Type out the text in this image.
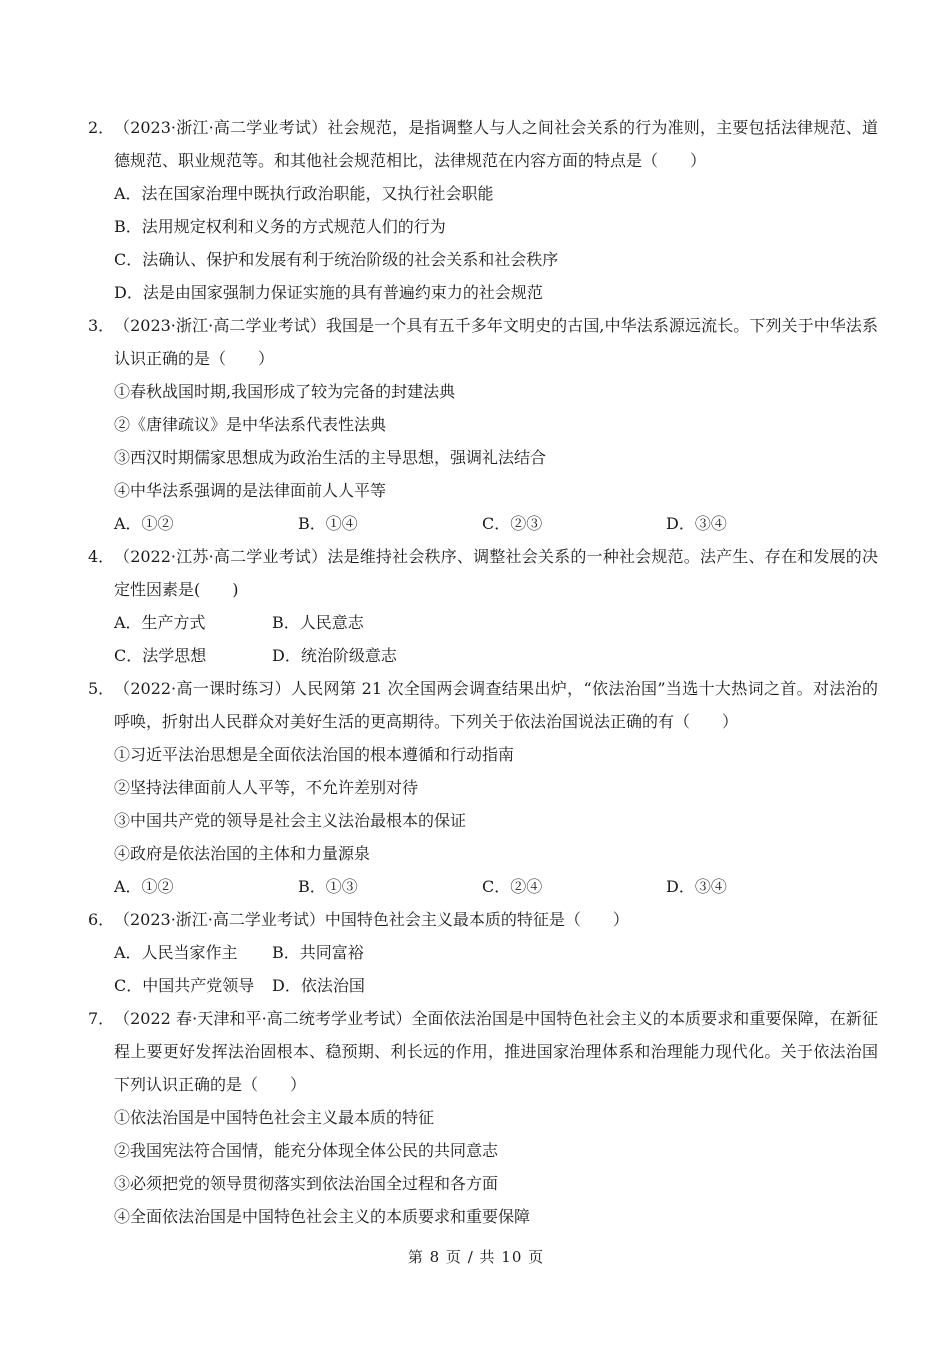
2． （2023·浙江·高二学业考试）社会规范，是指调整人与人之间社会关系的行为准则，主要包括法律规范、道德规范、职业规范等。和其他社会规范相比，法律规范在内容方面的特点是（　　）
A．法在国家治理中既执行政治职能，又执行社会职能
B．法用规定权利和义务的方式规范人们的行为
C．法确认、保护和发展有利于统治阶级的社会关系和社会秩序
D．法是由国家强制力保证实施的具有普遍约束力的社会规范
3． （2023·浙江·高二学业考试）我国是一个具有五千多年文明史的古国,中华法系源远流长。下列关于中华法系认识正确的是（　　）
①春秋战国时期,我国形成了较为完备的封建法典
②《唐律疏议》是中华法系代表性法典
③西汉时期儒家思想成为政治生活的主导思想，强调礼法结合
④中华法系强调的是法律面前人人平等
A．①②	B．①④	C．②③	D．③④
4． （2022·江苏·高二学业考试）法是维持社会秩序、调整社会关系的一种社会规范。法产生、存在和发展的决定性因素是(　　)
A．生产方式	B．人民意志
C．法学思想	D．统治阶级意志
5． （2022·高一课时练习）人民网第 21 次全国两会调查结果出炉，“依法治国”当选十大热词之首。对法治的呼唤，折射出人民群众对美好生活的更高期待。下列关于依法治国说法正确的有（　　）
①习近平法治思想是全面依法治国的根本遵循和行动指南
②坚持法律面前人人平等，不允许差别对待
③中国共产党的领导是社会主义法治最根本的保证
④政府是依法治国的主体和力量源泉
A．①②	B．①③	C．②④	D．③④
6． （2023·浙江·高二学业考试）中国特色社会主义最本质的特征是（　　）
A．人民当家作主 B．共同富裕
C．中国共产党领导 D．依法治国
7． （2022 春·天津和平·高二统考学业考试）全面依法治国是中国特色社会主义的本质要求和重要保障，在新征程上要更好发挥法治固根本、稳预期、利长远的作用，推进国家治理体系和治理能力现代化。关于依法治国下列认识正确的是（　　）
①依法治国是中国特色社会主义最本质的特征
②我国宪法符合国情，能充分体现全体公民的共同意志
③必须把党的领导贯彻落实到依法治国全过程和各方面
④全面依法治国是中国特色社会主义的本质要求和重要保障
第 8 页 / 共 10 页
